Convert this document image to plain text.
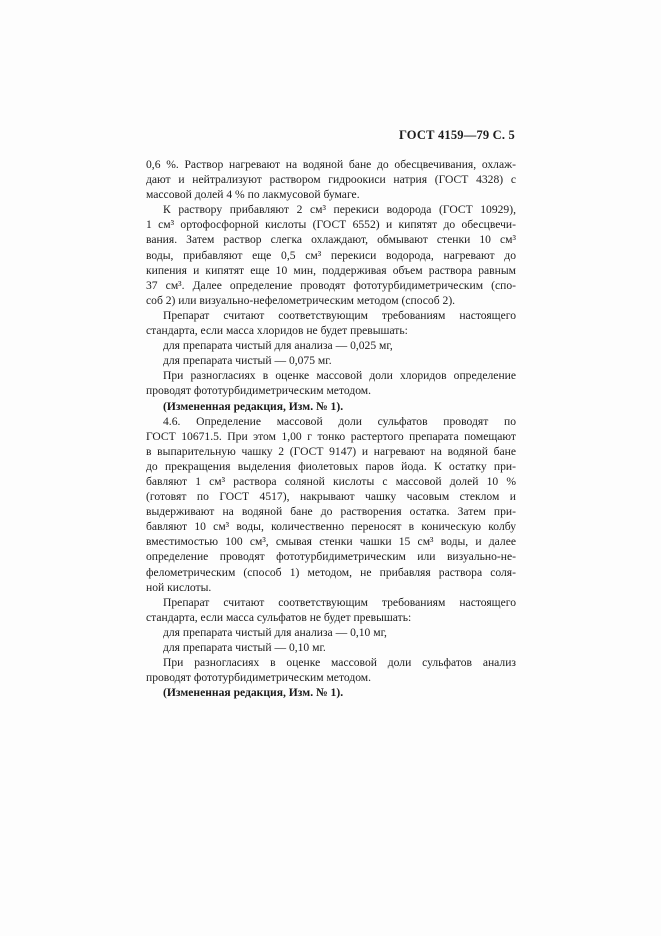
ГОСТ 4159—79 С. 5
0,6 %. Раствор нагревают на водяной бане до обесцвечивания, охлаж-
дают и нейтрализуют раствором гидроокиси натрия (ГОСТ 4328) с
массовой долей 4 % по лакмусовой бумаге.
К раствору прибавляют 2 см³ перекиси водорода (ГОСТ 10929),
1 см³ ортофосфорной кислоты (ГОСТ 6552) и кипятят до обесцвечи-
вания. Затем раствор слегка охлаждают, обмывают стенки 10 см³
воды, прибавляют еще 0,5 см³ перекиси водорода, нагревают до
кипения и кипятят еще 10 мин, поддерживая объем раствора равным
37 см³. Далее определение проводят фототурбидиметрическим (спо-
соб 2) или визуально-нефелометрическим методом (способ 2).
Препарат считают соответствующим требованиям настоящего
стандарта, если масса хлоридов не будет превышать:
для препарата чистый для анализа — 0,025 мг,
для препарата чистый — 0,075 мг.
При разногласиях в оценке массовой доли хлоридов определение
проводят фототурбидиметрическим методом.
(Измененная редакция, Изм. № 1).
4.6. Определение массовой доли сульфатов проводят по
ГОСТ 10671.5. При этом 1,00 г тонко растертого препарата помещают
в выпарительную чашку 2 (ГОСТ 9147) и нагревают на водяной бане
до прекращения выделения фиолетовых паров йода. К остатку при-
бавляют 1 см³ раствора соляной кислоты с массовой долей 10 %
(готовят по ГОСТ 4517), накрывают чашку часовым стеклом и
выдерживают на водяной бане до растворения остатка. Затем при-
бавляют 10 см³ воды, количественно переносят в коническую колбу
вместимостью 100 см³, смывая стенки чашки 15 см³ воды, и далее
определение проводят фототурбидиметрическим или визуально-не-
фелометрическим (способ 1) методом, не прибавляя раствора соля-
ной кислоты.
Препарат считают соответствующим требованиям настоящего
стандарта, если масса сульфатов не будет превышать:
для препарата чистый для анализа — 0,10 мг,
для препарата чистый — 0,10 мг.
При разногласиях в оценке массовой доли сульфатов анализ
проводят фототурбидиметрическим методом.
(Измененная редакция, Изм. № 1).
